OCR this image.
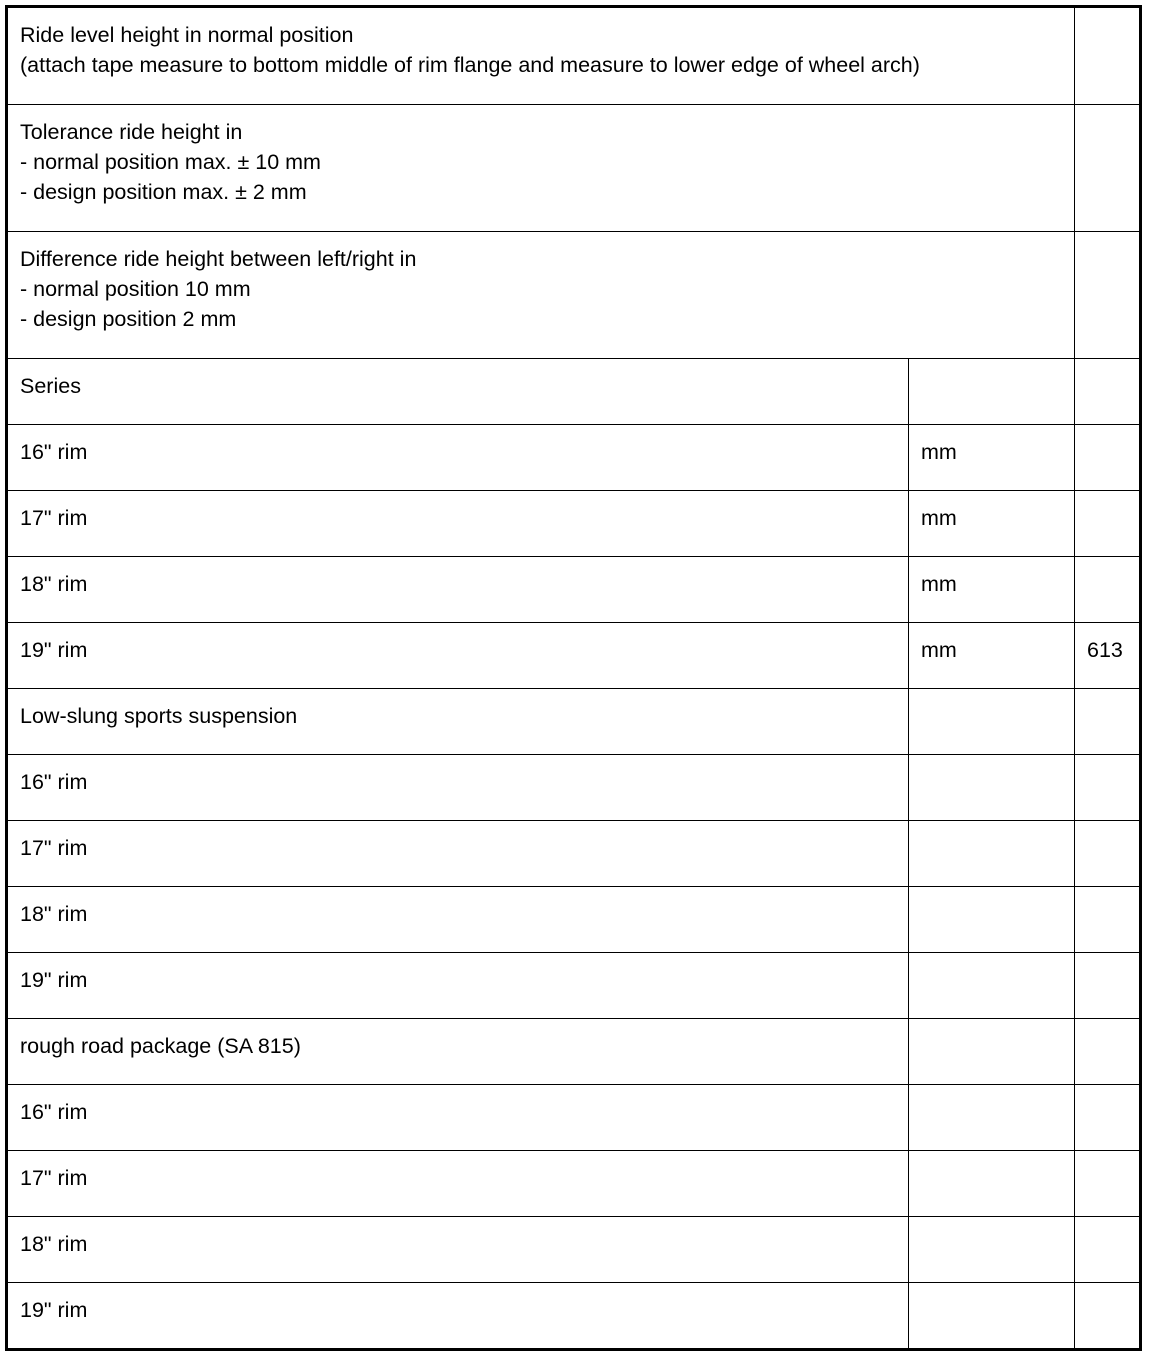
Ride level height in normal position
(attach tape measure to bottom middle of rim flange and measure to lower edge of wheel arch)		

Tolerance ride height in
- normal position max. ± 10 mm
- design position max. ± 2 mm		

Difference ride height between left/right in
- normal position 10 mm
- design position 2 mm		

Series		
16" rim	mm	
17" rim	mm	
18" rim	mm	
19" rim	mm	613
Low-slung sports suspension		
16" rim		
17" rim		
18" rim		
19" rim		
rough road package (SA 815)		
16" rim		
17" rim		
18" rim		
19" rim		
